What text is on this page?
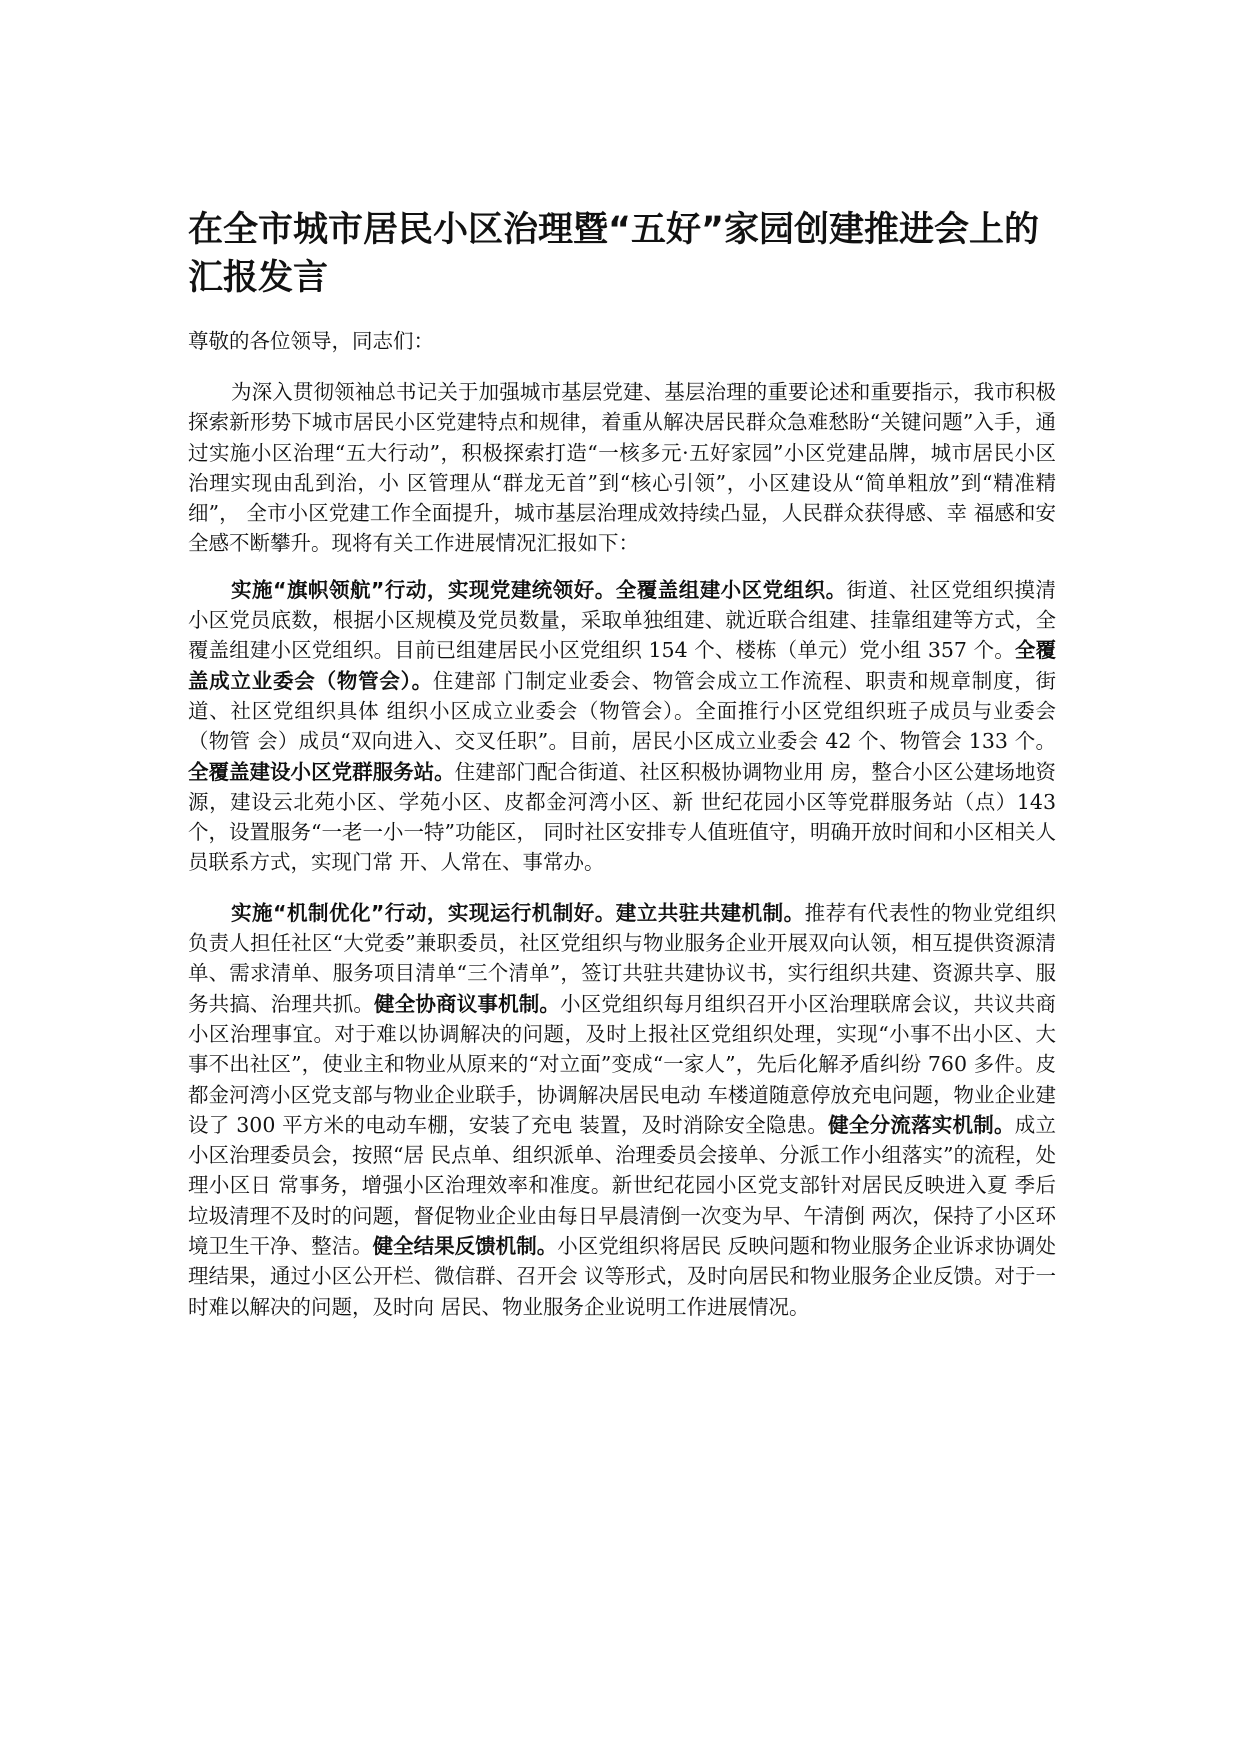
在全市城市居民小区治理暨“五好”家园创建推进会上的汇报发言

尊敬的各位领导，同志们：

为深入贯彻领袖总书记关于加强城市基层党建、基层治理的重要论述和重要指示，我市积极探索新形势下城市居民小区党建特点和规律，着重从解决居民群众急难愁盼“关键问题”入手，通过实施小区治理“五大行动”，积极探索打造“一核多元·五好家园”小区党建品牌，城市居民小区治理实现由乱到治，小 区管理从“群龙无首”到“核心引领”，小区建设从“简单粗放”到“精准精细”， 全市小区党建工作全面提升，城市基层治理成效持续凸显，人民群众获得感、幸 福感和安全感不断攀升。现将有关工作进展情况汇报如下：

实施“旗帜领航”行动，实现党建统领好。全覆盖组建小区党组织。街道、社区党组织摸清小区党员底数，根据小区规模及党员数量，采取单独组建、就近联合组建、挂靠组建等方式，全覆盖组建小区党组织。目前已组建居民小区党组织 154 个、楼栋（单元）党小组 357 个。全覆盖成立业委会（物管会）。住建部 门制定业委会、物管会成立工作流程、职责和规章制度，街道、社区党组织具体 组织小区成立业委会（物管会）。全面推行小区党组织班子成员与业委会（物管 会）成员“双向进入、交叉任职”。目前，居民小区成立业委会 42 个、物管会 133 个。全覆盖建设小区党群服务站。住建部门配合街道、社区积极协调物业用 房，整合小区公建场地资源，建设云北苑小区、学苑小区、皮都金河湾小区、新 世纪花园小区等党群服务站（点）143 个，设置服务“一老一小一特”功能区， 同时社区安排专人值班值守，明确开放时间和小区相关人员联系方式，实现门常 开、人常在、事常办。

实施“机制优化”行动，实现运行机制好。建立共驻共建机制。推荐有代表性的物业党组织负责人担任社区“大党委”兼职委员，社区党组织与物业服务企业开展双向认领，相互提供资源清单、需求清单、服务项目清单“三个清单”，签订共驻共建协议书，实行组织共建、资源共享、服务共搞、治理共抓。健全协商议事机制。小区党组织每月组织召开小区治理联席会议，共议共商小区治理事宜。对于难以协调解决的问题，及时上报社区党组织处理，实现“小事不出小区、大事不出社区”，使业主和物业从原来的“对立面”变成“一家人”，先后化解矛盾纠纷 760 多件。皮都金河湾小区党支部与物业企业联手，协调解决居民电动 车楼道随意停放充电问题，物业企业建设了 300 平方米的电动车棚，安装了充电 装置，及时消除安全隐患。健全分流落实机制。成立小区治理委员会，按照“居 民点单、组织派单、治理委员会接单、分派工作小组落实”的流程，处理小区日 常事务，增强小区治理效率和准度。新世纪花园小区党支部针对居民反映进入夏 季后垃圾清理不及时的问题，督促物业企业由每日早晨清倒一次变为早、午清倒 两次，保持了小区环境卫生干净、整洁。健全结果反馈机制。小区党组织将居民 反映问题和物业服务企业诉求协调处理结果，通过小区公开栏、微信群、召开会 议等形式，及时向居民和物业服务企业反馈。对于一时难以解决的问题，及时向 居民、物业服务企业说明工作进展情况。
